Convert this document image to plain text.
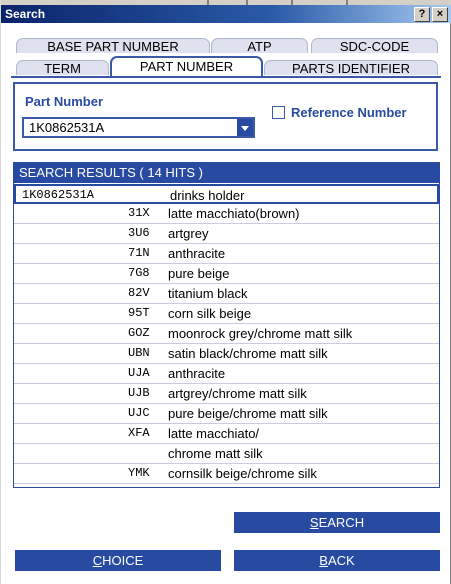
Search	?	×
BASE PART NUMBER	ATP	SDC-CODE
TERM	PART NUMBER	PARTS IDENTIFIER
Part Number
1K0862531A
Reference Number
SEARCH RESULTS ( 14 HITS )
1K0862531A	drinks holder
31X latte macchiato(brown)
3U6 artgrey
71N anthracite
7G8 pure beige
82V titanium black
95T corn silk beige
GOZ moonrock grey/chrome matt silk
UBN satin black/chrome matt silk
UJA anthracite
UJB artgrey/chrome matt silk
UJC pure beige/chrome matt silk
XFA latte macchiato/
chrome matt silk
YMK cornsilk beige/chrome silk
SEARCH
CHOICE	BACK
